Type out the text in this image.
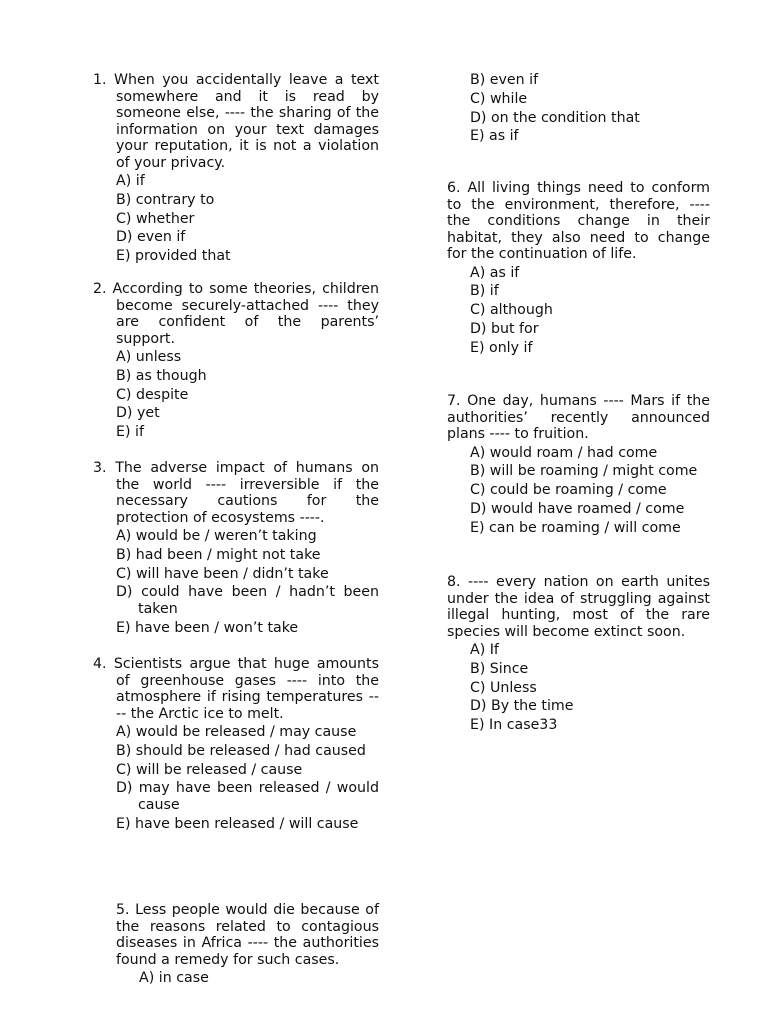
1. When you accidentally leave a text somewhere and it is read by someone else, ---- the sharing of the information on your text damages your reputation, it is not a violation of your privacy.

A) if
B) contrary to
C) whether
D) even if
E) provided that

2. According to some theories, children become securely-attached ---- they are confident of the parents’ support.

A) unless
B) as though
C) despite
D) yet
E) if

3. The adverse impact of humans on the world ---- irreversible if the necessary cautions for the protection of ecosystems ----.

A) would be / weren’t taking
B) had been / might not take
C) will have been / didn’t take
D) could have been / hadn’t been taken
E) have been / won’t take

4. Scientists argue that huge amounts of greenhouse gases ---- into the atmosphere if rising temperatures ---- the Arctic ice to melt.

A) would be released / may cause
B) should be released / had caused
C) will be released / cause
D) may have been released / would cause
E) have been released / will cause

5. Less people would die because of the reasons related to contagious diseases in Africa ---- the authorities found a remedy for such cases.

A) in case
B) even if
C) while
D) on the condition that
E) as if

6. All living things need to conform to the environment, therefore, ---- the conditions change in their habitat, they also need to change for the continuation of life.

A) as if
B) if
C) although
D) but for
E) only if

7. One day, humans ---- Mars if the authorities’ recently announced plans ---- to fruition.

A) would roam / had come
B) will be roaming / might come
C) could be roaming / come
D) would have roamed / come
E) can be roaming / will come

8. ---- every nation on earth unites under the idea of struggling against illegal hunting, most of the rare species will become extinct soon.

A) If
B) Since
C) Unless
D) By the time
E) In case33
